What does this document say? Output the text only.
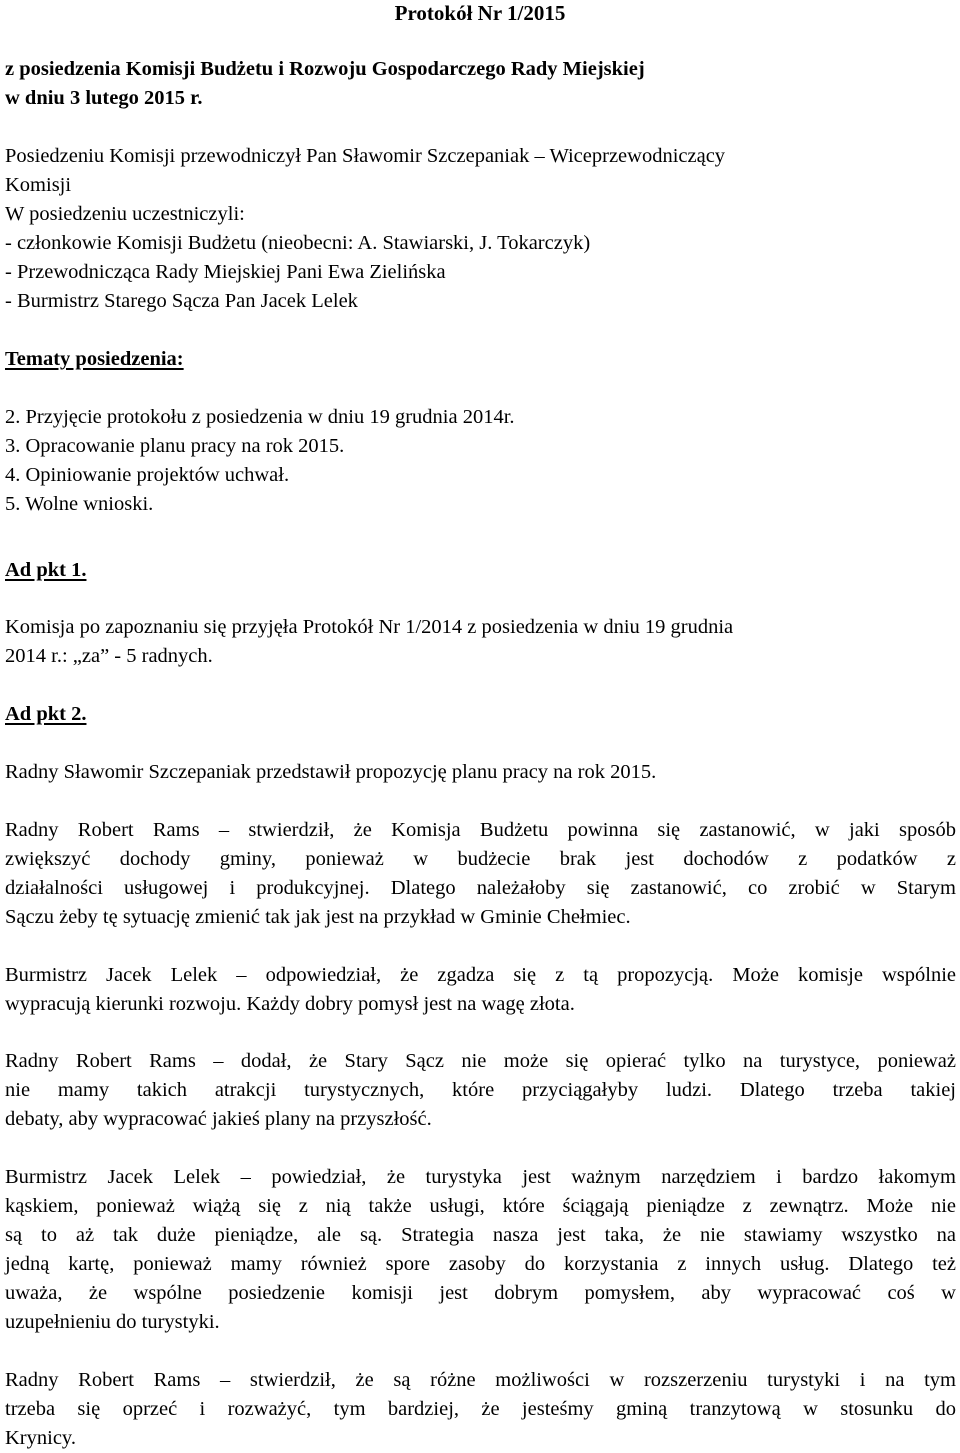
Protokół Nr 1/2015
z posiedzenia Komisji Budżetu i Rozwoju Gospodarczego Rady Miejskiej
w dniu 3 lutego 2015 r.
Posiedzeniu Komisji przewodniczył Pan Sławomir Szczepaniak – Wiceprzewodniczący
Komisji
W posiedzeniu uczestniczyli:
- członkowie Komisji Budżetu (nieobecni: A. Stawiarski, J. Tokarczyk)
- Przewodnicząca Rady Miejskiej Pani Ewa Zielińska
- Burmistrz Starego Sącza Pan Jacek Lelek
Tematy posiedzenia:
2. Przyjęcie protokołu z posiedzenia w dniu 19 grudnia 2014r.
3. Opracowanie planu pracy na rok 2015.
4. Opiniowanie projektów uchwał.
5. Wolne wnioski.
Ad pkt 1.
Komisja po zapoznaniu się przyjęła Protokół Nr 1/2014 z posiedzenia w dniu 19 grudnia
2014 r.: „za” - 5 radnych.
Ad pkt 2.
Radny Sławomir Szczepaniak przedstawił propozycję planu pracy na rok 2015.
Radny Robert Rams – stwierdził, że Komisja Budżetu powinna się zastanowić, w jaki sposób
zwiększyć dochody gminy, ponieważ w budżecie brak jest dochodów z podatków z
działalności usługowej i produkcyjnej. Dlatego należałoby się zastanowić, co zrobić w Starym
Sączu żeby tę sytuację zmienić tak jak jest na przykład w Gminie Chełmiec.
Burmistrz Jacek Lelek – odpowiedział, że zgadza się z tą propozycją. Może komisje wspólnie
wypracują kierunki rozwoju. Każdy dobry pomysł jest na wagę złota.
Radny Robert Rams – dodał, że Stary Sącz nie może się opierać tylko na turystyce, ponieważ
nie mamy takich atrakcji turystycznych, które przyciągałyby ludzi. Dlatego trzeba takiej
debaty, aby wypracować jakieś plany na przyszłość.
Burmistrz Jacek Lelek – powiedział, że turystyka jest ważnym narzędziem i bardzo łakomym
kąskiem, ponieważ wiążą się z nią także usługi, które ściągają pieniądze z zewnątrz. Może nie
są to aż tak duże pieniądze, ale są. Strategia nasza jest taka, że nie stawiamy wszystko na
jedną kartę, ponieważ mamy również spore zasoby do korzystania z innych usług. Dlatego też
uważa, że wspólne posiedzenie komisji jest dobrym pomysłem, aby wypracować coś w
uzupełnieniu do turystyki.
Radny Robert Rams – stwierdził, że są różne możliwości w rozszerzeniu turystyki i na tym
trzeba się oprzeć i rozważyć, tym bardziej, że jesteśmy gminą tranzytową w stosunku do
Krynicy.
